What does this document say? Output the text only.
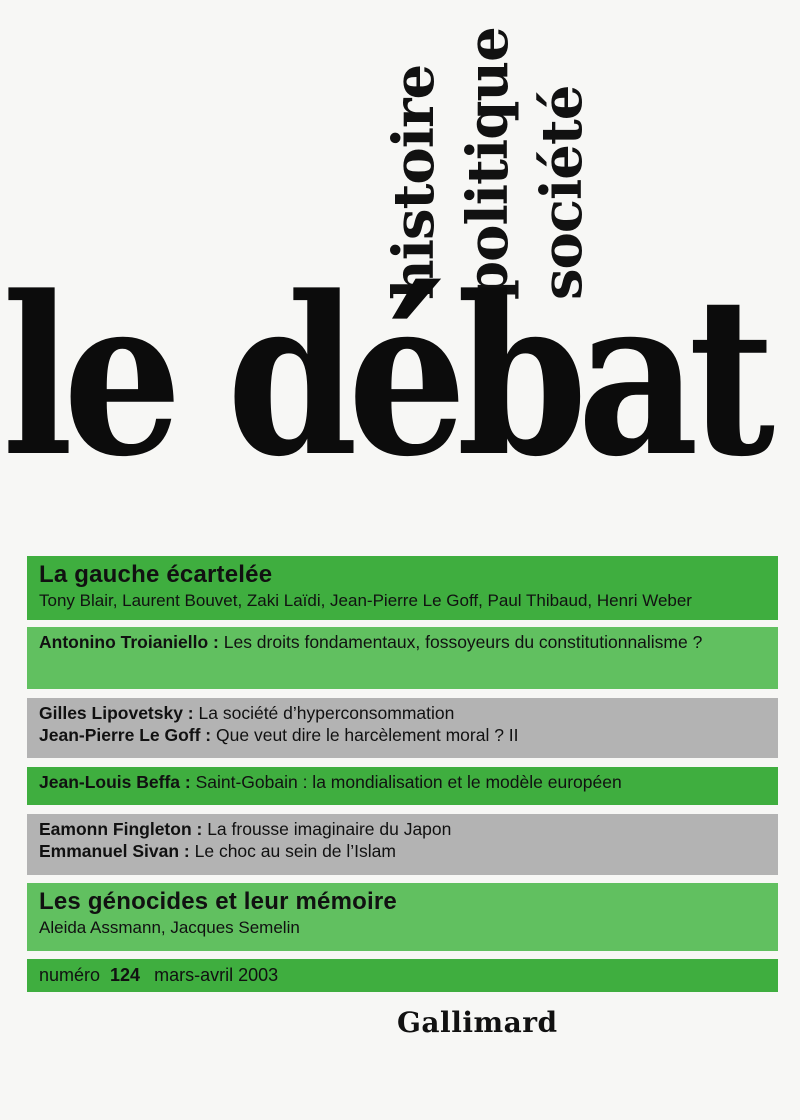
histoire politique société
le débat
La gauche écartelée
Tony Blair, Laurent Bouvet, Zaki Laïdi, Jean-Pierre Le Goff, Paul Thibaud, Henri Weber
Antonino Troianiello : Les droits fondamentaux, fossoyeurs du constitutionnalisme ?
Gilles Lipovetsky : La société d’hyperconsommation
Jean-Pierre Le Goff : Que veut dire le harcèlement moral ? II
Jean-Louis Beffa : Saint-Gobain : la mondialisation et le modèle européen
Eamonn Fingleton : La frousse imaginaire du Japon
Emmanuel Sivan : Le choc au sein de l’Islam
Les génocides et leur mémoire
Aleida Assmann, Jacques Semelin
numéro 124 mars-avril 2003
Gallimard
